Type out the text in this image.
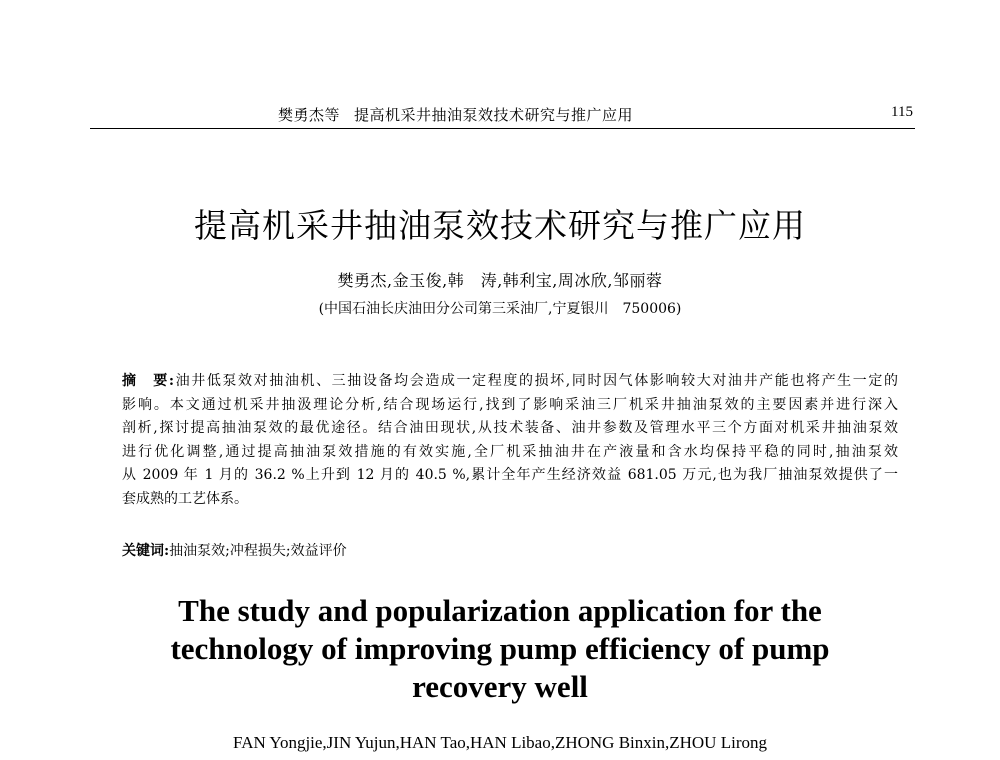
樊勇杰等 提高机采井抽油泵效技术研究与推广应用	115
提高机采井抽油泵效技术研究与推广应用
樊勇杰,金玉俊,韩　涛,韩利宝,周冰欣,邹丽蓉
(中国石油长庆油田分公司第三采油厂,宁夏银川　750006)
摘　要:油井低泵效对抽油机、三抽设备均会造成一定程度的损坏,同时因气体影响较大对油井产能也将产生一定的
影响。本文通过机采井抽汲理论分析,结合现场运行,找到了影响采油三厂机采井抽油泵效的主要因素并进行深入
剖析,探讨提高抽油泵效的最优途径。结合油田现状,从技术装备、油井参数及管理水平三个方面对机采井抽油泵效
进行优化调整,通过提高抽油泵效措施的有效实施,全厂机采抽油井在产液量和含水均保持平稳的同时,抽油泵效
从 2009 年 1 月的 36.2 %上升到 12 月的 40.5 %,累计全年产生经济效益 681.05 万元,也为我厂抽油泵效提供了一
套成熟的工艺体系。
关键词:抽油泵效;冲程损失;效益评价
The study and popularization application for the
technology of improving pump efficiency of pump
recovery well
FAN Yongjie,JIN Yujun,HAN Tao,HAN Libao,ZHONG Binxin,ZHOU Lirong
